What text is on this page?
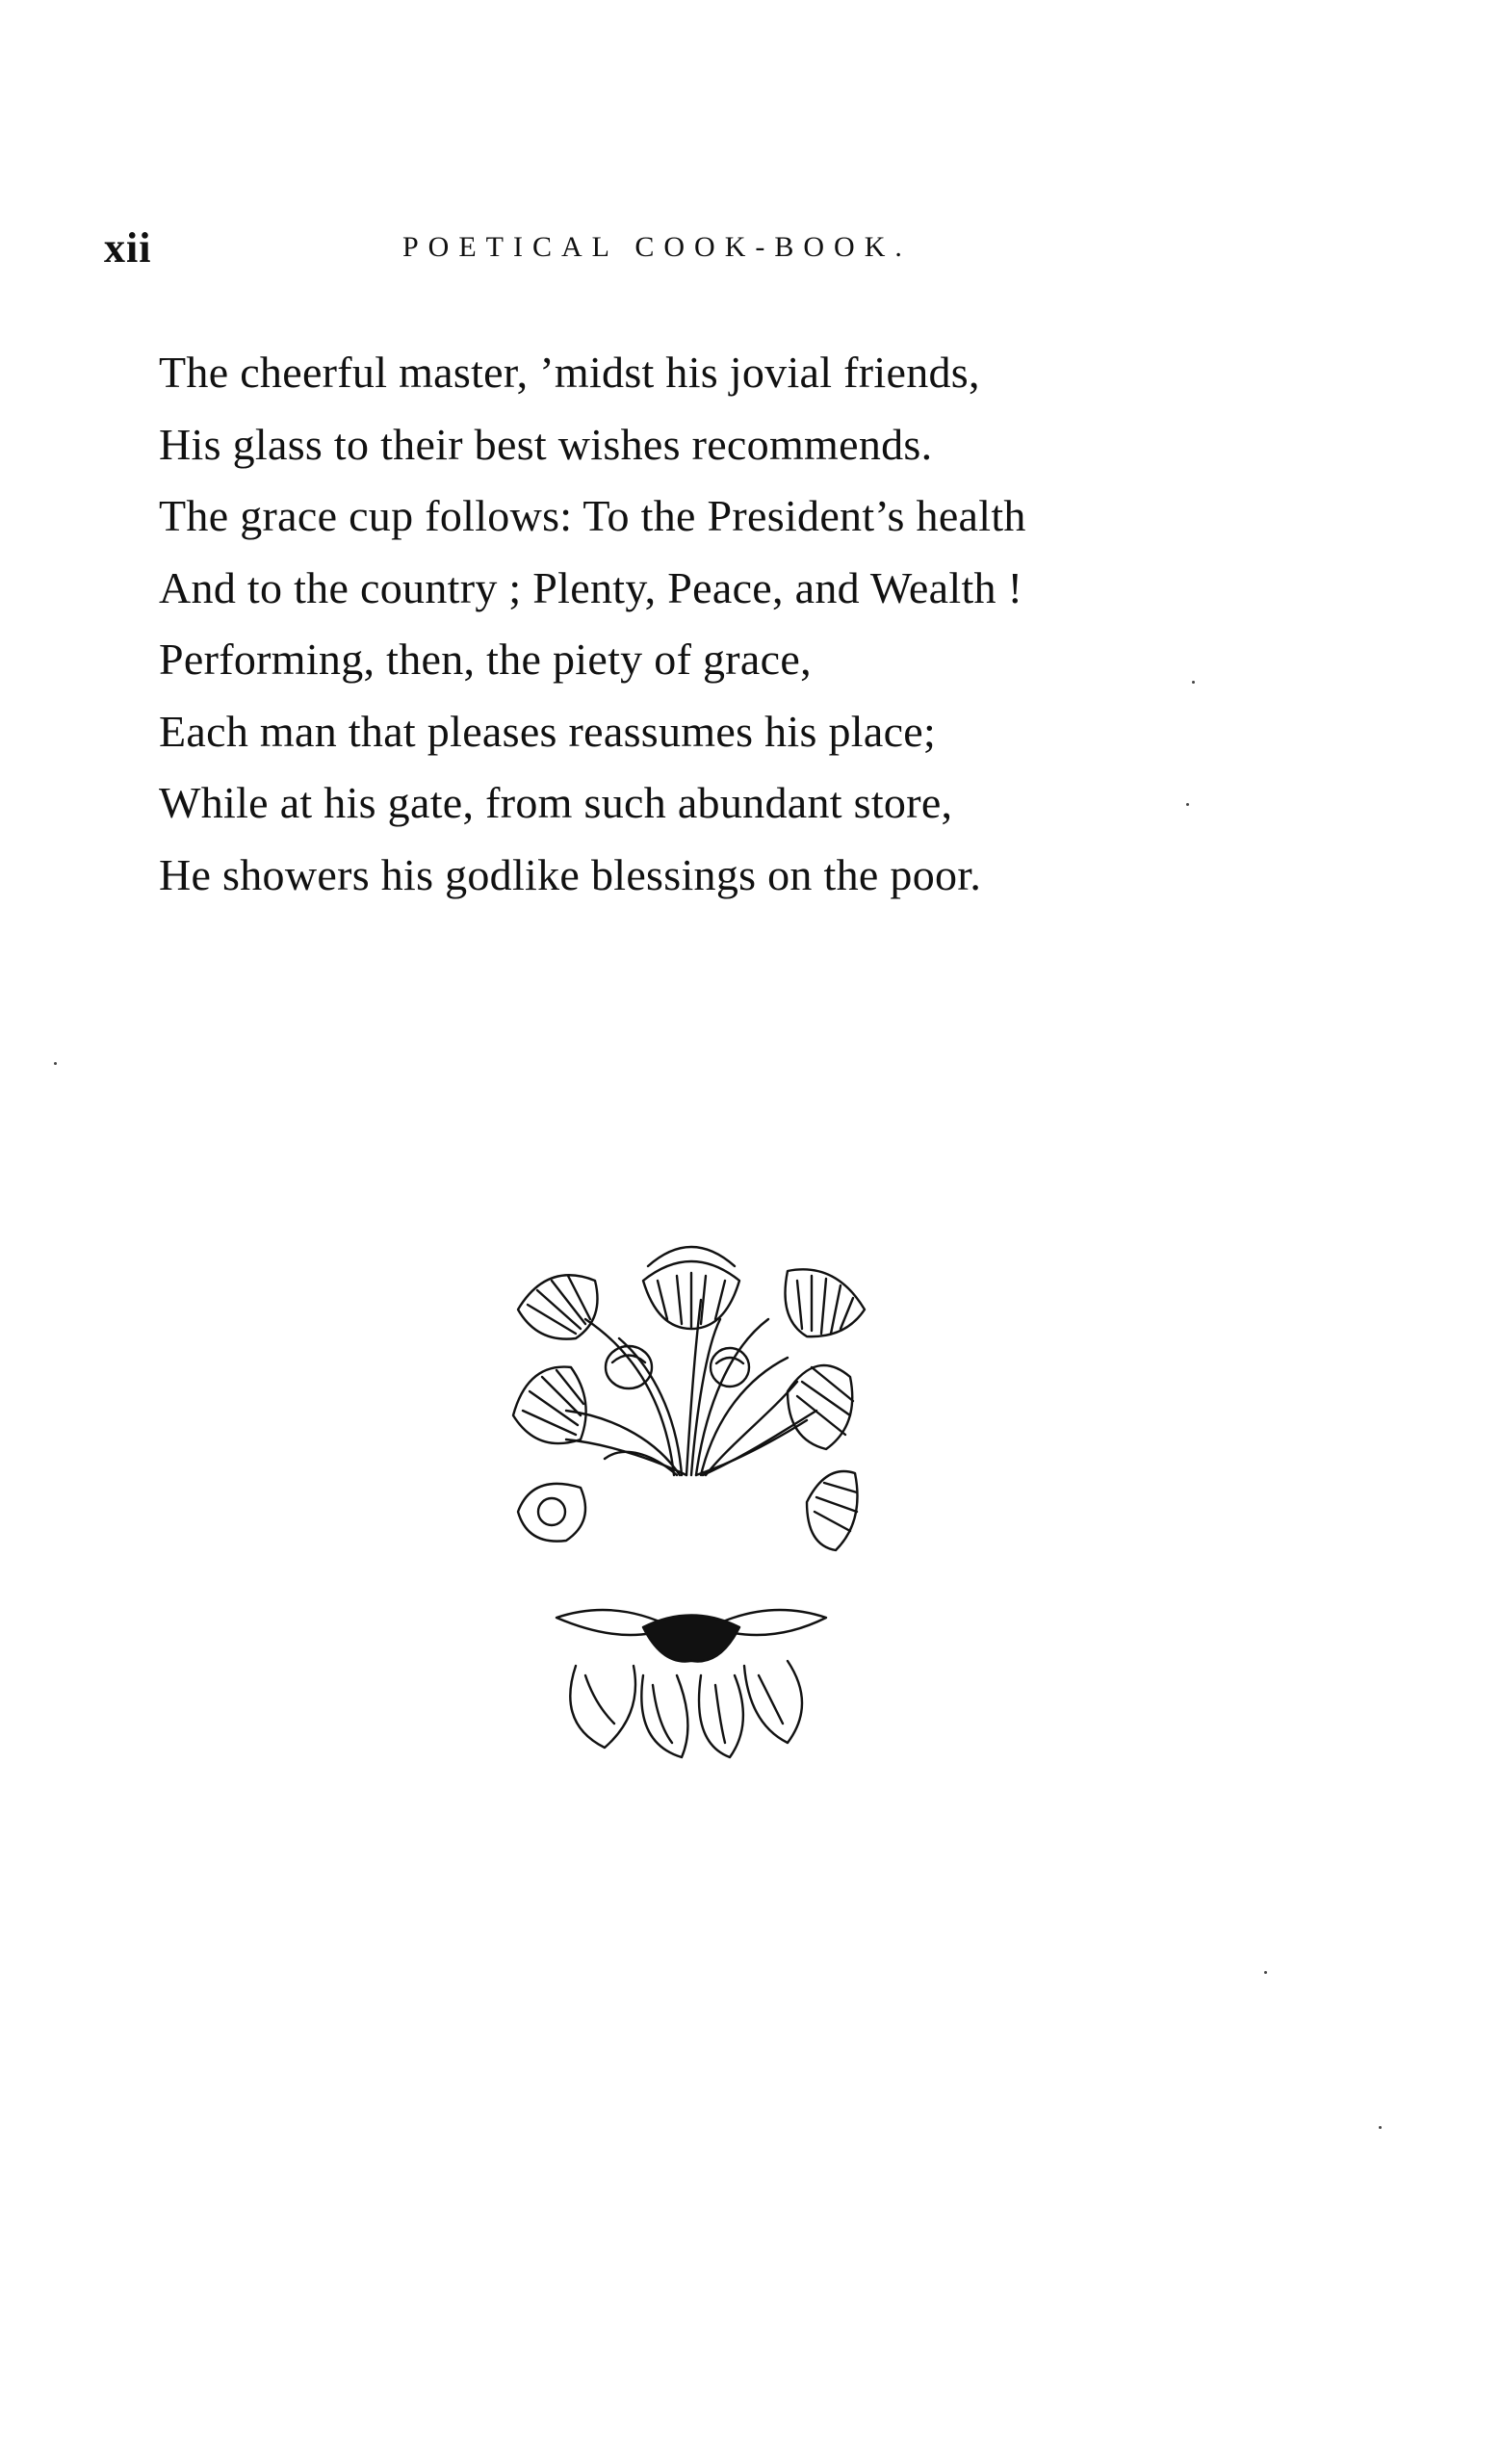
xii	POETICAL COOK-BOOK.
The cheerful master, ’midst his jovial friends,
His glass to their best wishes recommends.
The grace cup follows: To the President’s health
And to the country ; Plenty, Peace, and Wealth !
Performing, then, the piety of grace,
Each man that pleases reassumes his place;
While at his gate, from such abundant store,
He showers his godlike blessings on the poor.
